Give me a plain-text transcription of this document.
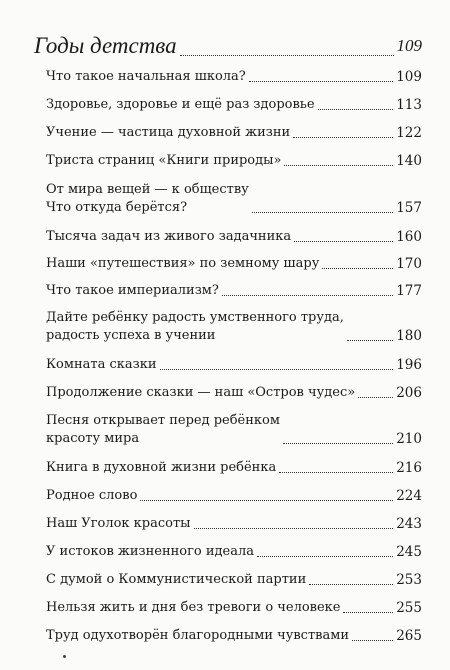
Годы детства	109
Что такое начальная школа?	109
Здоровье, здоровье и ещё раз здоровье	113
Учение — частица духовной жизни	122
Триста страниц «Книги природы»	140
От мира вещей — к обществу
Что откуда берётся?	157
Тысяча задач из живого задачника	160
Наши «путешествия» по земному шару	170
Что такое империализм?	177
Дайте ребёнку радость умственного труда,
радость успеха в учении	180
Комната сказки	196
Продолжение сказки — наш «Остров чудес»	206
Песня открывает перед ребёнком
красоту мира	210
Книга в духовной жизни ребёнка	216
Родное слово	224
Наш Уголок красоты	243
У истоков жизненного идеала	245
С думой о Коммунистической партии	253
Нельзя жить и дня без тревоги о человеке	255
Труд одухотворён благородными чувствами	265
